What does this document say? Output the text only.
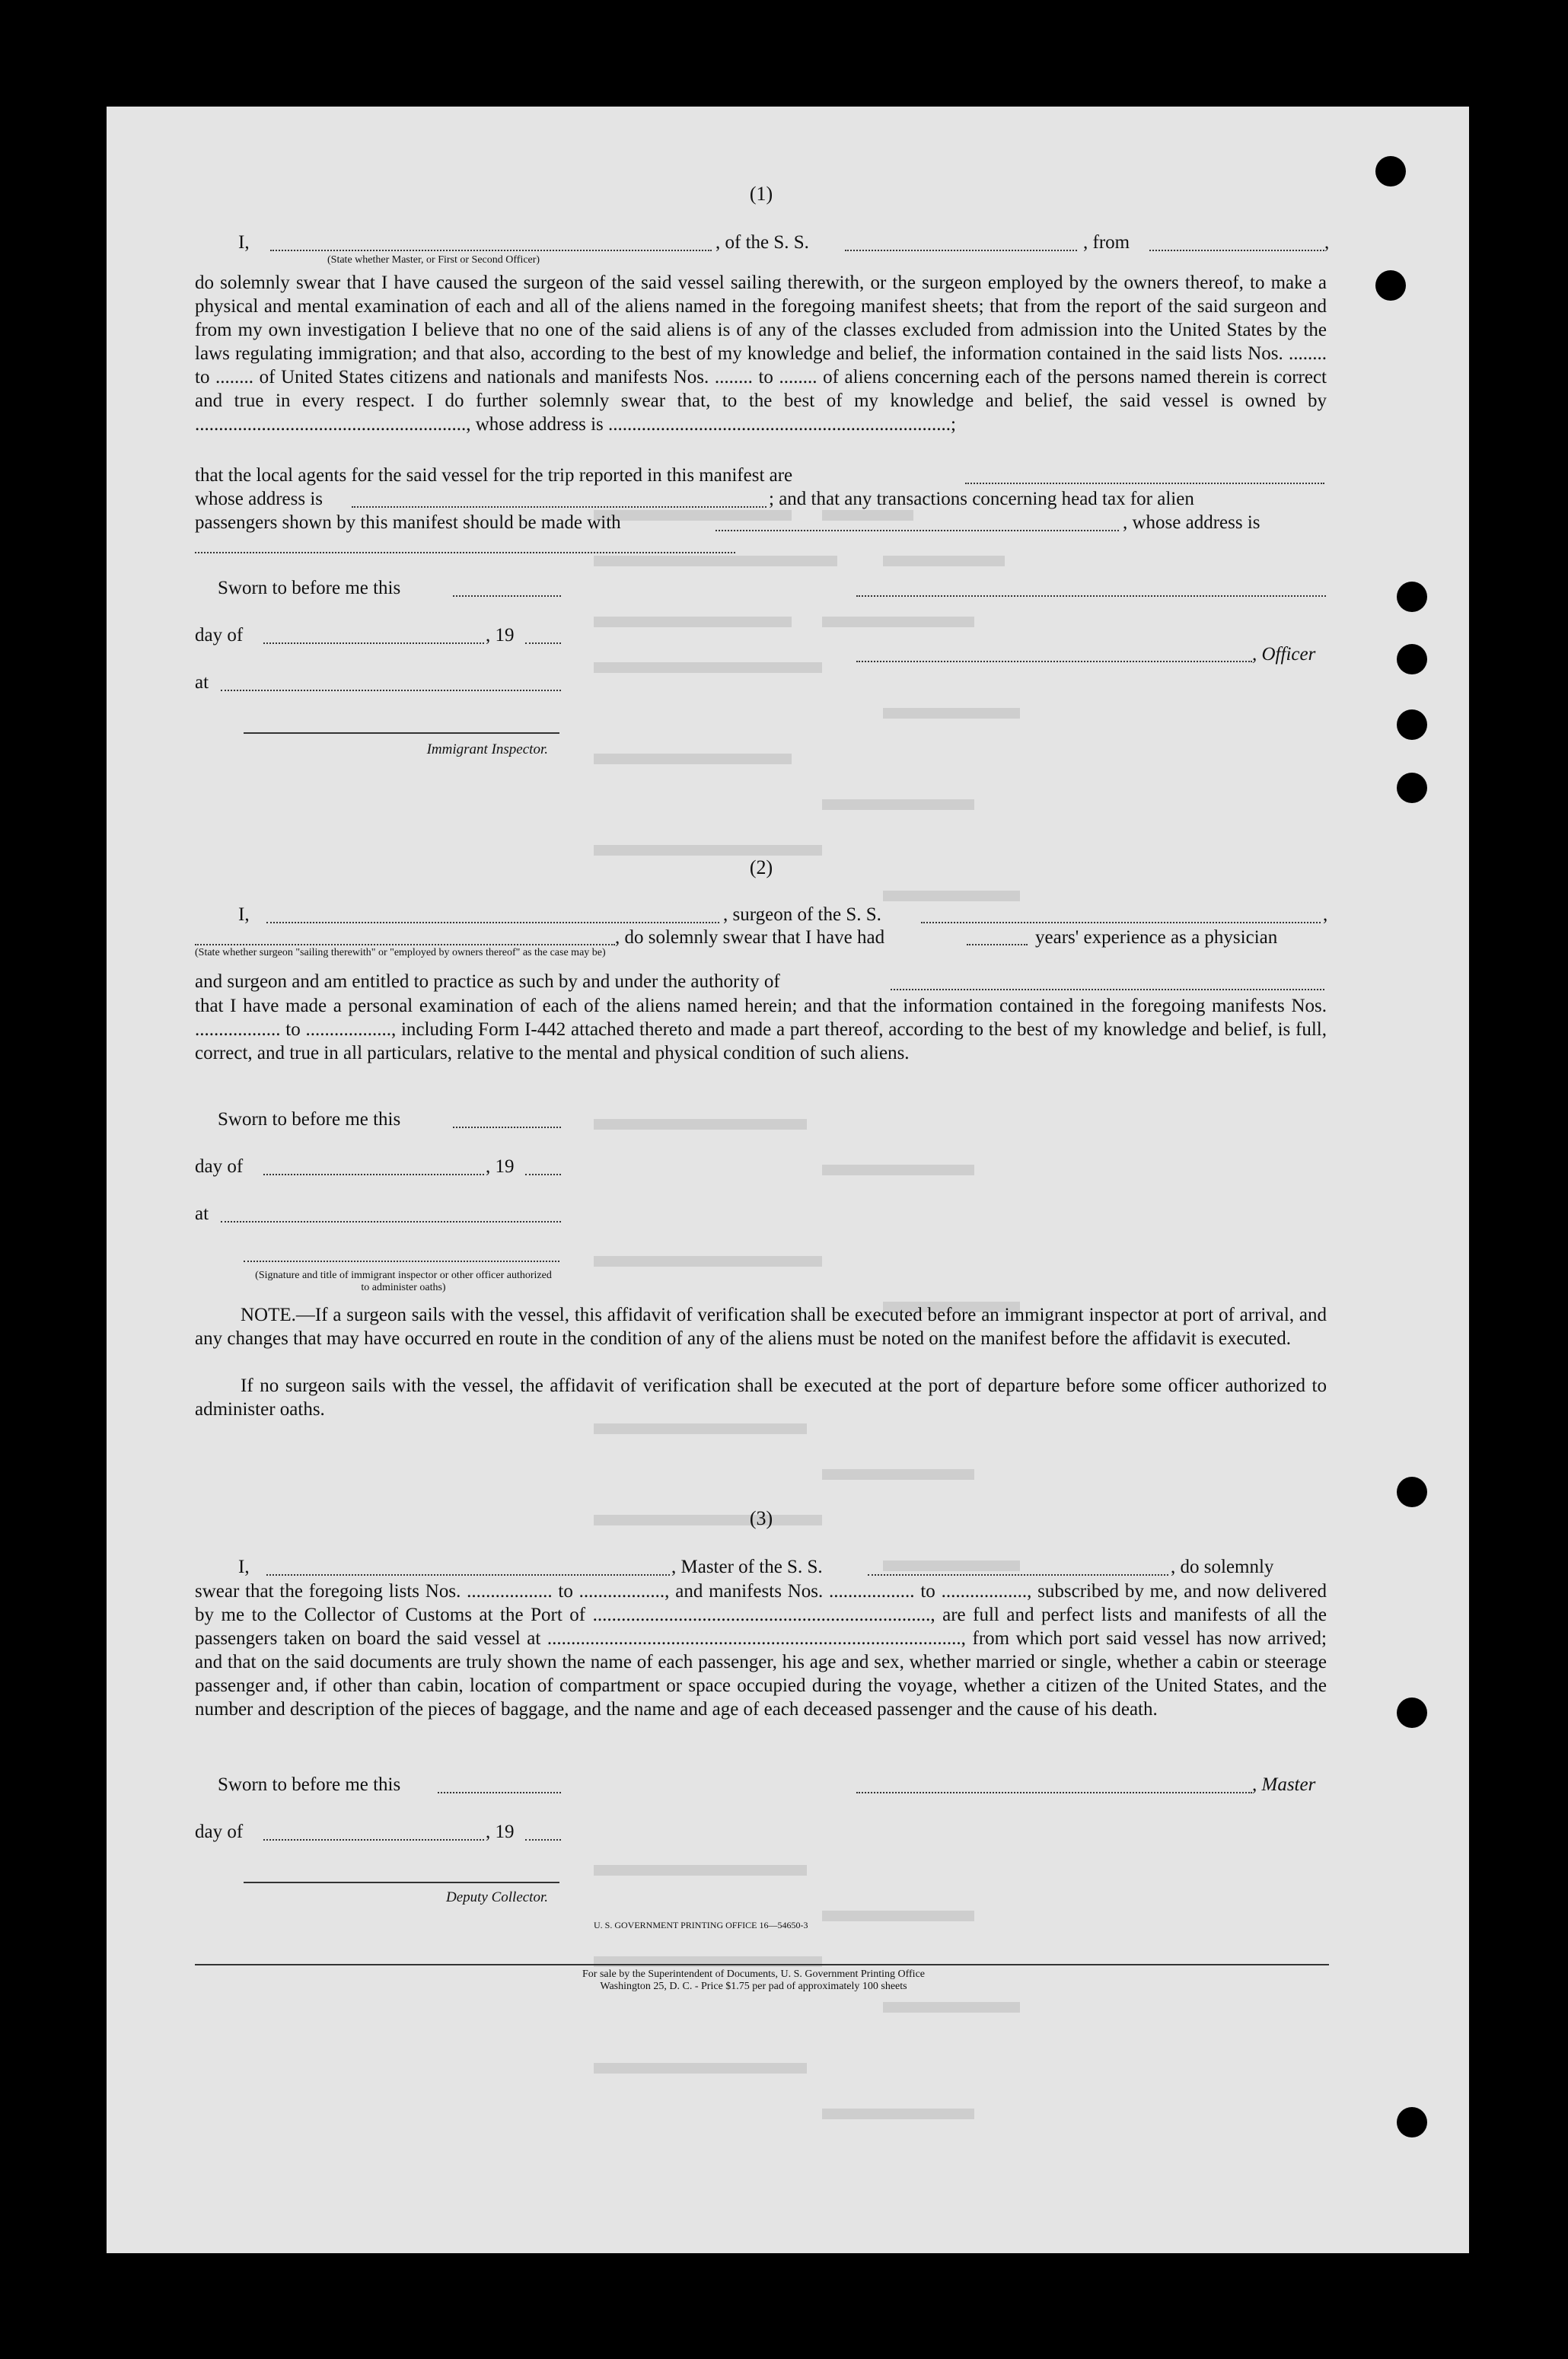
(1)
I,	, of the S. S.	, from	,
(State whether Master, or First or Second Officer)
do solemnly swear that I have caused the surgeon of the said vessel sailing therewith, or the surgeon employed by the owners thereof, to make a physical and mental examination of each and all of the aliens named in the foregoing manifest sheets; that from the report of the said surgeon and from my own investigation I believe that no one of the said aliens is of any of the classes excluded from admission into the United States by the laws regulating immigration; and that also, according to the best of my knowledge and belief, the information contained in the said lists Nos. ........ to ........ of United States citizens and nationals and manifests Nos. ........ to ........ of aliens concerning each of the persons named therein is correct and true in every respect. I do further solemnly swear that, to the best of my knowledge and belief, the said vessel is owned by ........................................................., whose address is ........................................................................;
that the local agents for the said vessel for the trip reported in this manifest are
whose address is	; and that any transactions concerning head tax for alien
passengers shown by this manifest should be made with	, whose address is
Sworn to before me this
day of	, 19
, Officer
at
Immigrant Inspector.
(2)
I,	, surgeon of the S. S.	,
, do solemnly swear that I have had	years' experience as a physician
(State whether surgeon "sailing therewith" or "employed by owners thereof" as the case may be)
and surgeon and am entitled to practice as such by and under the authority of
that I have made a personal examination of each of the aliens named herein; and that the information contained in the foregoing manifests Nos. .................. to .................., including Form I-442 attached thereto and made a part thereof, according to the best of my knowledge and belief, is full, correct, and true in all particulars, relative to the mental and physical condition of such aliens.
Sworn to before me this
day of	, 19
at
(Signature and title of immigrant inspector or other officer authorized to administer oaths)
NOTE.—If a surgeon sails with the vessel, this affidavit of verification shall be executed before an immigrant inspector at port of arrival, and any changes that may have occurred en route in the condition of any of the aliens must be noted on the manifest before the affidavit is executed.
If no surgeon sails with the vessel, the affidavit of verification shall be executed at the port of departure before some officer authorized to administer oaths.
(3)
I,	, Master of the S. S.	, do solemnly
swear that the foregoing lists Nos. .................. to .................., and manifests Nos. .................. to .................., subscribed by me, and now delivered by me to the Collector of Customs at the Port of ......................................................................., are full and perfect lists and manifests of all the passengers taken on board the said vessel at ......................................................................................., from which port said vessel has now arrived; and that on the said documents are truly shown the name of each passenger, his age and sex, whether married or single, whether a cabin or steerage passenger and, if other than cabin, location of compartment or space occupied during the voyage, whether a citizen of the United States, and the number and description of the pieces of baggage, and the name and age of each deceased passenger and the cause of his death.
Sworn to before me this	, Master
day of	, 19
Deputy Collector.
U. S. GOVERNMENT PRINTING OFFICE 16—54650-3
For sale by the Superintendent of Documents, U. S. Government Printing Office
Washington 25, D. C. - Price $1.75 per pad of approximately 100 sheets
